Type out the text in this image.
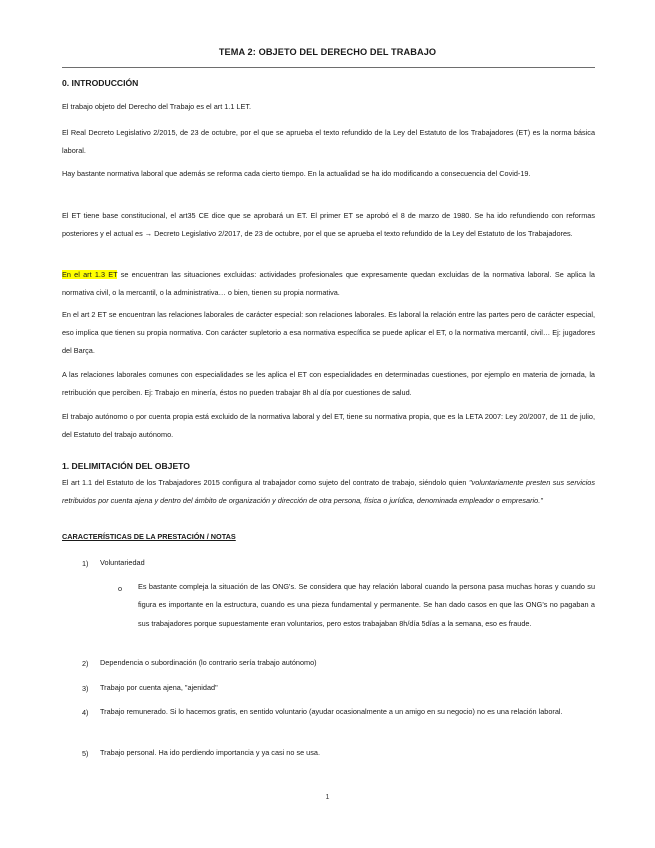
TEMA 2: OBJETO DEL DERECHO DEL TRABAJO
0. INTRODUCCIÓN
El trabajo objeto del Derecho del Trabajo es el art 1.1 LET.
El Real Decreto Legislativo 2/2015, de 23 de octubre, por el que se aprueba el texto refundido de la Ley del Estatuto de los Trabajadores (ET) es la norma básica laboral.
Hay bastante normativa laboral que además se reforma cada cierto tiempo. En la actualidad se ha ido modificando a consecuencia del Covid-19.
El ET tiene base constitucional, el art35 CE dice que se aprobará un ET. El primer ET se aprobó el 8 de marzo de 1980. Se ha ido refundiendo con reformas posteriores y el actual es → Decreto Legislativo 2/2017, de 23 de octubre, por el que se aprueba el texto refundido de la Ley del Estatuto de los Trabajadores.
En el art 1.3 ET se encuentran las situaciones excluidas: actividades profesionales que expresamente quedan excluidas de la normativa laboral. Se aplica la normativa civil, o la mercantil, o la administrativa… o bien, tienen su propia normativa.
En el art 2 ET se encuentran las relaciones laborales de carácter especial: son relaciones laborales. Es laboral la relación entre las partes pero de carácter especial, eso implica que tienen su propia normativa. Con carácter supletorio a esa normativa específica se puede aplicar el ET, o la normativa mercantil, civil… Ej: jugadores del Barça.
A las relaciones laborales comunes con especialidades se les aplica el ET con especialidades en determinadas cuestiones, por ejemplo en materia de jornada, la retribución que perciben. Ej: Trabajo en minería, éstos no pueden trabajar 8h al día por cuestiones de salud.
El trabajo autónomo o por cuenta propia está excluido de la normativa laboral y del ET, tiene su normativa propia, que es la LETA 2007: Ley 20/2007, de 11 de julio, del Estatuto del trabajo autónomo.
1. DELIMITACIÓN DEL OBJETO
El art 1.1 del Estatuto de los Trabajadores 2015 configura al trabajador como sujeto del contrato de trabajo, siéndolo quien "voluntariamente presten sus servicios retribuidos por cuenta ajena y dentro del ámbito de organización y dirección de otra persona, física o jurídica, denominada empleador o empresario."
CARACTERÍSTICAS DE LA PRESTACIÓN / NOTAS
1) Voluntariedad
o Es bastante compleja la situación de las ONG's. Se considera que hay relación laboral cuando la persona pasa muchas horas y cuando su figura es importante en la estructura, cuando es una pieza fundamental y permanente. Se han dado casos en que las ONG's no pagaban a sus trabajadores porque supuestamente eran voluntarios, pero estos trabajaban 8h/día 5días a la semana, eso es fraude.
2) Dependencia o subordinación (lo contrario sería trabajo autónomo)
3) Trabajo por cuenta ajena, "ajenidad"
4) Trabajo remunerado. Si lo hacemos gratis, en sentido voluntario (ayudar ocasionalmente a un amigo en su negocio) no es una relación laboral.
5) Trabajo personal. Ha ido perdiendo importancia y ya casi no se usa.
1
